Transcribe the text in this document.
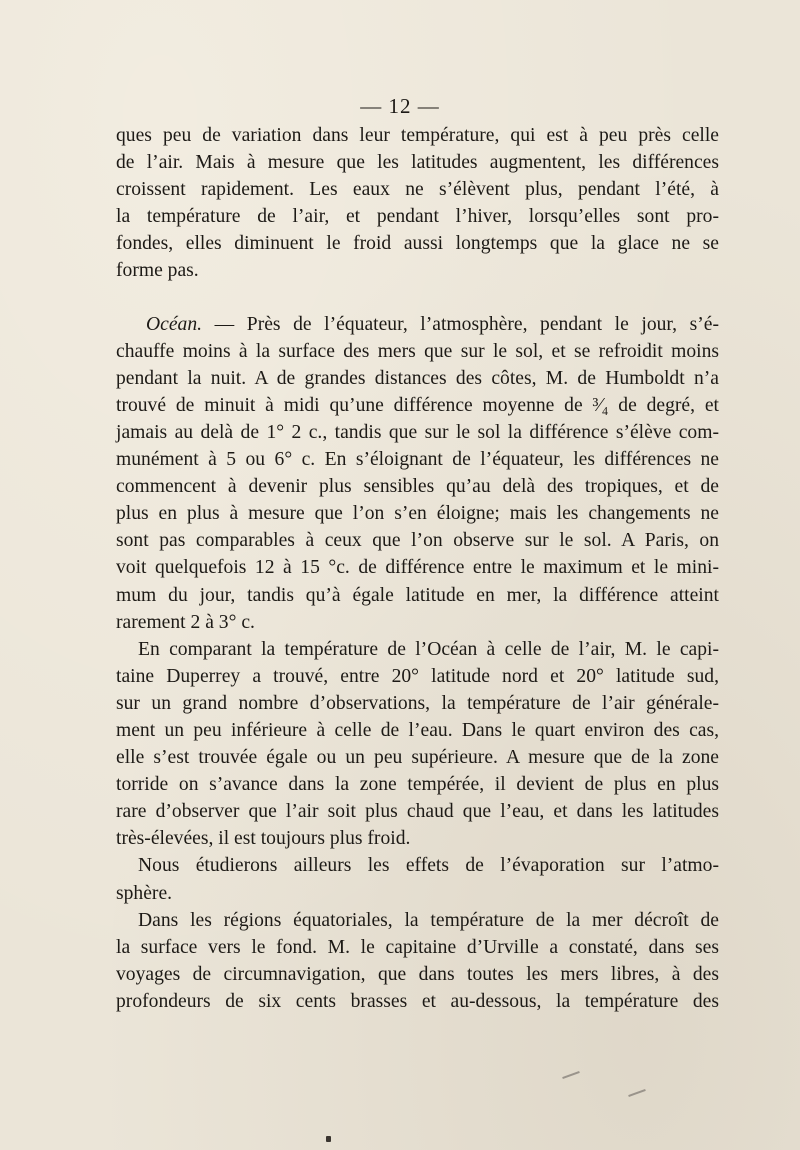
— 12 —
ques peu de variation dans leur température, qui est à peu près celle
de l’air. Mais à mesure que les latitudes augmentent, les différences
croissent rapidement. Les eaux ne s’élèvent plus, pendant l’été, à
la température de l’air, et pendant l’hiver, lorsqu’elles sont pro-
fondes, elles diminuent le froid aussi longtemps que la glace ne se
forme pas.
Océan. — Près de l’équateur, l’atmosphère, pendant le jour, s’é-
chauffe moins à la surface des mers que sur le sol, et se refroidit moins
pendant la nuit. A de grandes distances des côtes, M. de Humboldt n’a
trouvé de minuit à midi qu’une différence moyenne de ³⁄₄ de degré, et
jamais au delà de 1° 2 c., tandis que sur le sol la différence s’élève com-
munément à 5 ou 6° c. En s’éloignant de l’équateur, les différences ne
commencent à devenir plus sensibles qu’au delà des tropiques, et de
plus en plus à mesure que l’on s’en éloigne; mais les changements ne
sont pas comparables à ceux que l’on observe sur le sol. A Paris, on
voit quelquefois 12 à 15 °c. de différence entre le maximum et le mini-
mum du jour, tandis qu’à égale latitude en mer, la différence atteint
rarement 2 à 3° c.
En comparant la température de l’Océan à celle de l’air, M. le capi-
taine Duperrey a trouvé, entre 20° latitude nord et 20° latitude sud,
sur un grand nombre d’observations, la température de l’air générale-
ment un peu inférieure à celle de l’eau. Dans le quart environ des cas,
elle s’est trouvée égale ou un peu supérieure. A mesure que de la zone
torride on s’avance dans la zone tempérée, il devient de plus en plus
rare d’observer que l’air soit plus chaud que l’eau, et dans les latitudes
très-élevées, il est toujours plus froid.
Nous étudierons ailleurs les effets de l’évaporation sur l’atmo-
sphère.
Dans les régions équatoriales, la température de la mer décroît de
la surface vers le fond. M. le capitaine d’Urville a constaté, dans ses
voyages de circumnavigation, que dans toutes les mers libres, à des
profondeurs de six cents brasses et au-dessous, la température des
